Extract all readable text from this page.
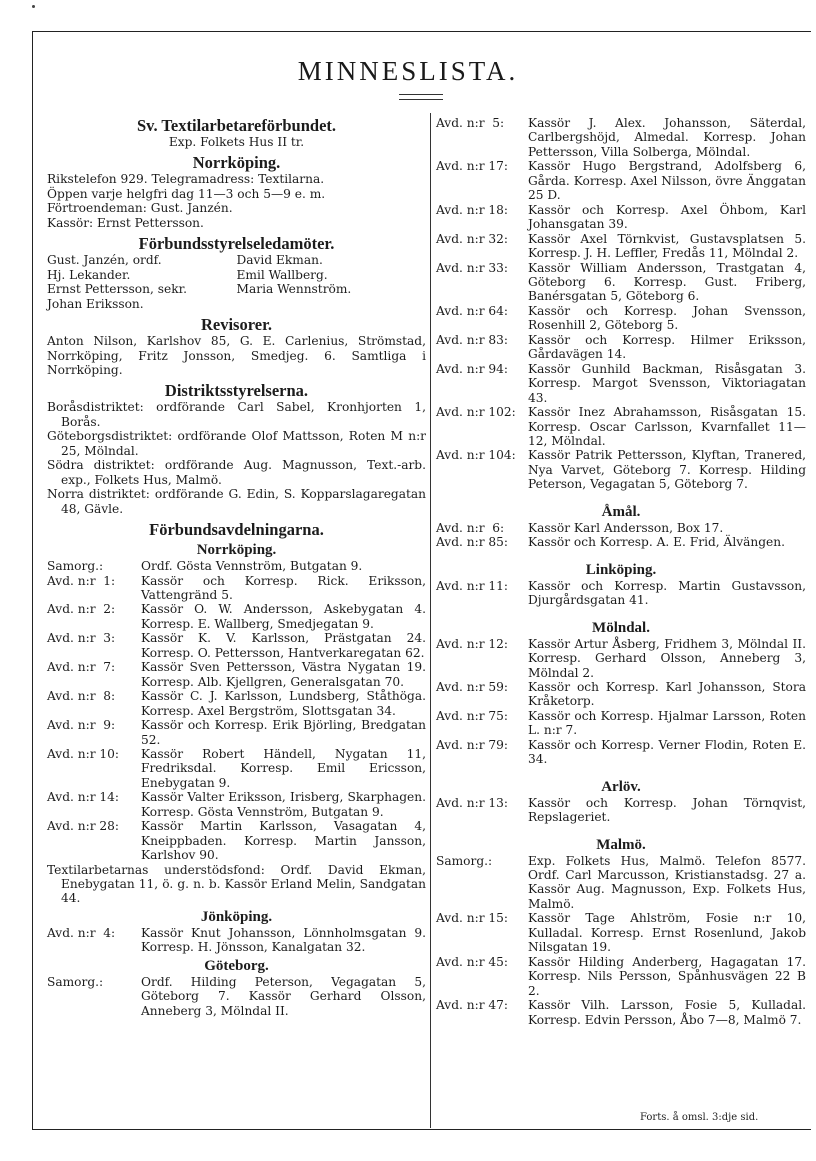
MINNESLISTA.
Sv. Textilarbetareförbundet.
Exp. Folkets Hus II tr.
Norrköping.
Rikstelefon 929. Telegramadress: Textilarna.
Öppen varje helgfri dag 11—3 och 5—9 e. m.
Förtroendeman: Gust. Janzén.
Kassör: Ernst Pettersson.
Förbundsstyrelseledamöter.
Gust. Janzén, ordf.	David Ekman.
Hj. Lekander.	Emil Wallberg.
Ernst Pettersson, sekr.	Maria Wennström.
Johan Eriksson.
Revisorer.
Anton Nilson, Karlshov 85, G. E. Carlenius, Strömstad, Norrköping, Fritz Jonsson, Smedjeg. 6. Samtliga i Norrköping.
Distriktsstyrelserna.
Boråsdistriktet: ordförande Carl Sabel, Kronhjorten 1, Borås.
Göteborgsdistriktet: ordförande Olof Mattsson, Roten M n:r 25, Mölndal.
Södra distriktet: ordförande Aug. Magnusson, Text.-arb. exp., Folkets Hus, Malmö.
Norra distriktet: ordförande G. Edin, S. Kopparslagaregatan 48, Gävle.
Förbundsavdelningarna.
Norrköping.
Samorg.:	Ordf. Gösta Vennström, Butgatan 9.
Avd. n:r  1:	Kassör och Korresp. Rick. Eriksson, Vattengränd 5.
Avd. n:r  2:	Kassör O. W. Andersson, Askebygatan 4. Korresp. E. Wallberg, Smedjegatan 9.
Avd. n:r  3:	Kassör K. V. Karlsson, Prästgatan 24. Korresp. O. Pettersson, Hantverkaregatan 62.
Avd. n:r  7:	Kassör Sven Pettersson, Västra Nygatan 19. Korresp. Alb. Kjellgren, Generalsgatan 70.
Avd. n:r  8:	Kassör C. J. Karlsson, Lundsberg, Ståthöga. Korresp. Axel Bergström, Slottsgatan 34.
Avd. n:r  9:	Kassör och Korresp. Erik Björling, Bredgatan 52.
Avd. n:r 10:	Kassör Robert Händell, Nygatan 11, Fredriksdal. Korresp. Emil Ericsson, Enebygatan 9.
Avd. n:r 14:	Kassör Valter Eriksson, Irisberg, Skarphagen. Korresp. Gösta Vennström, Butgatan 9.
Avd. n:r 28:	Kassör Martin Karlsson, Vasagatan 4, Kneippbaden. Korresp. Martin Jansson, Karlshov 90.
Textilarbetarnas understödsfond: Ordf. David Ekman, Enebygatan 11, ö. g. n. b. Kassör Erland Melin, Sandgatan 44.
Jönköping.
Avd. n:r  4:	Kassör Knut Johansson, Lönnholmsgatan 9. Korresp. H. Jönsson, Kanalgatan 32.
Göteborg.
Samorg.:	Ordf. Hilding Peterson, Vegagatan 5, Göteborg 7. Kassör Gerhard Olsson, Anneberg 3, Mölndal II.
Avd. n:r  5:	Kassör J. Alex. Johansson, Säterdal, Carlbergshöjd, Almedal. Korresp. Johan Pettersson, Villa Solberga, Mölndal.
Avd. n:r 17:	Kassör Hugo Bergstrand, Adolfsberg 6, Gårda. Korresp. Axel Nilsson, övre Änggatan 25 D.
Avd. n:r 18:	Kassör och Korresp. Axel Öhbom, Karl Johansgatan 39.
Avd. n:r 32:	Kassör Axel Törnkvist, Gustavsplatsen 5. Korresp. J. H. Leffler, Fredås 11, Mölndal 2.
Avd. n:r 33:	Kassör William Andersson, Trastgatan 4, Göteborg 6. Korresp. Gust. Friberg, Banérsgatan 5, Göteborg 6.
Avd. n:r 64:	Kassör och Korresp. Johan Svensson, Rosenhill 2, Göteborg 5.
Avd. n:r 83:	Kassör och Korresp. Hilmer Eriksson, Gårdavägen 14.
Avd. n:r 94:	Kassör Gunhild Backman, Risåsgatan 3. Korresp. Margot Svensson, Viktoriagatan 43.
Avd. n:r 102:	Kassör Inez Abrahamsson, Risåsgatan 15. Korresp. Oscar Carlsson, Kvarnfallet 11—12, Mölndal.
Avd. n:r 104:	Kassör Patrik Pettersson, Klyftan, Tranered, Nya Varvet, Göteborg 7. Korresp. Hilding Peterson, Vegagatan 5, Göteborg 7.
Åmål.
Avd. n:r  6:	Kassör Karl Andersson, Box 17.
Avd. n:r 85:	Kassör och Korresp. A. E. Frid, Älvängen.
Linköping.
Avd. n:r 11:	Kassör och Korresp. Martin Gustavsson, Djurgårdsgatan 41.
Mölndal.
Avd. n:r 12:	Kassör Artur Åsberg, Fridhem 3, Mölndal II. Korresp. Gerhard Olsson, Anneberg 3, Mölndal 2.
Avd. n:r 59:	Kassör och Korresp. Karl Johansson, Stora Kråketorp.
Avd. n:r 75:	Kassör och Korresp. Hjalmar Larsson, Roten L. n:r 7.
Avd. n:r 79:	Kassör och Korresp. Verner Flodin, Roten E. 34.
Arlöv.
Avd. n:r 13:	Kassör och Korresp. Johan Törnqvist, Repslageriet.
Malmö.
Samorg.:	Exp. Folkets Hus, Malmö. Telefon 8577. Ordf. Carl Marcusson, Kristianstadsg. 27 a. Kassör Aug. Magnusson, Exp. Folkets Hus, Malmö.
Avd. n:r 15:	Kassör Tage Ahlström, Fosie n:r 10, Kulladal. Korresp. Ernst Rosenlund, Jakob Nilsgatan 19.
Avd. n:r 45:	Kassör Hilding Anderberg, Hagagatan 17. Korresp. Nils Persson, Spånhusvägen 22 B 2.
Avd. n:r 47:	Kassör Vilh. Larsson, Fosie 5, Kulladal. Korresp. Edvin Persson, Åbo 7—8, Malmö 7.
Forts. å omsl. 3:dje sid.
